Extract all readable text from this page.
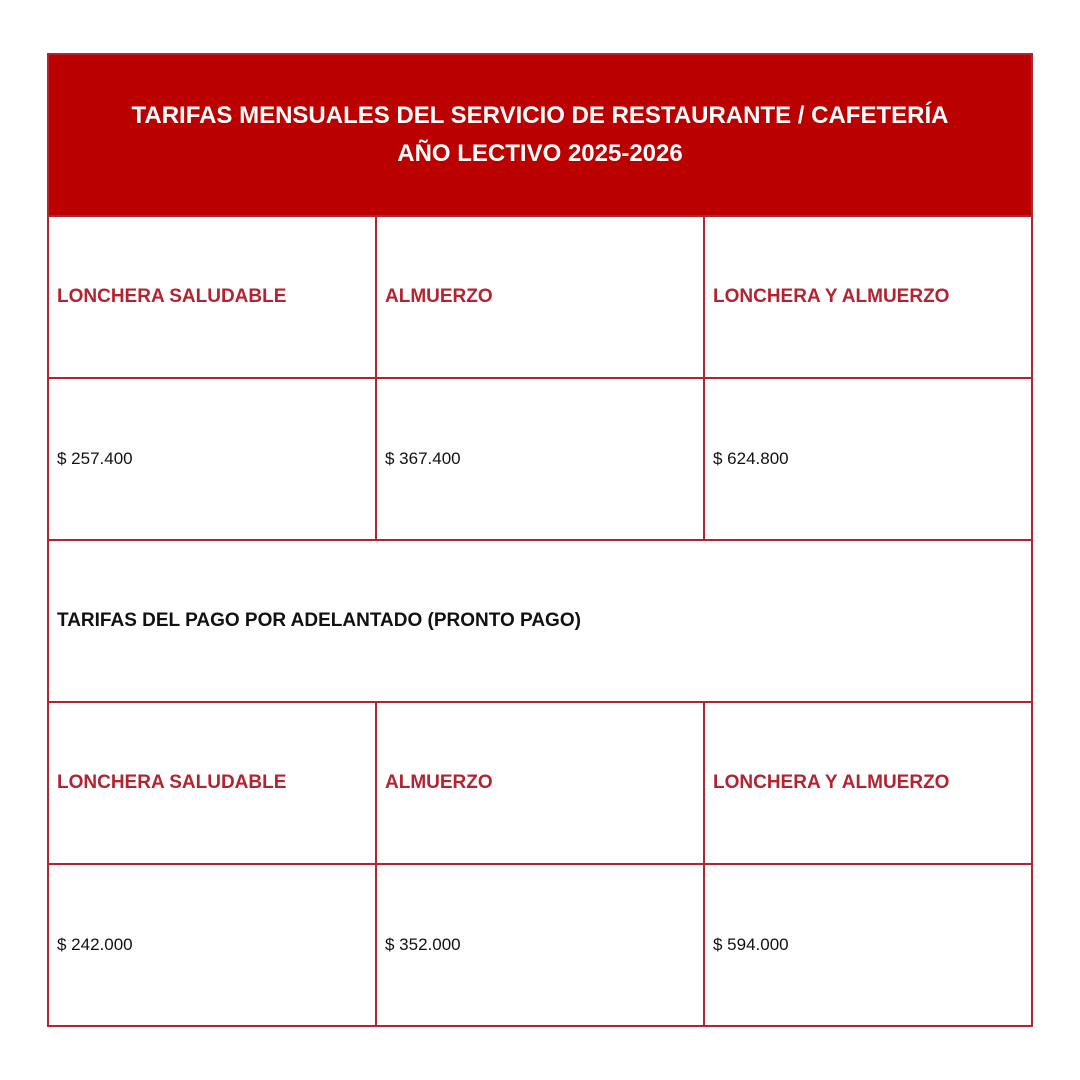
TARIFAS MENSUALES DEL SERVICIO DE RESTAURANTE / CAFETERÍA
AÑO LECTIVO 2025-2026
LONCHERA SALUDABLE	ALMUERZO	LONCHERA Y ALMUERZO
$ 257.400	$ 367.400	$ 624.800
TARIFAS DEL PAGO POR ADELANTADO (PRONTO PAGO)
LONCHERA SALUDABLE	ALMUERZO	LONCHERA Y ALMUERZO
$ 242.000	$ 352.000	$ 594.000
